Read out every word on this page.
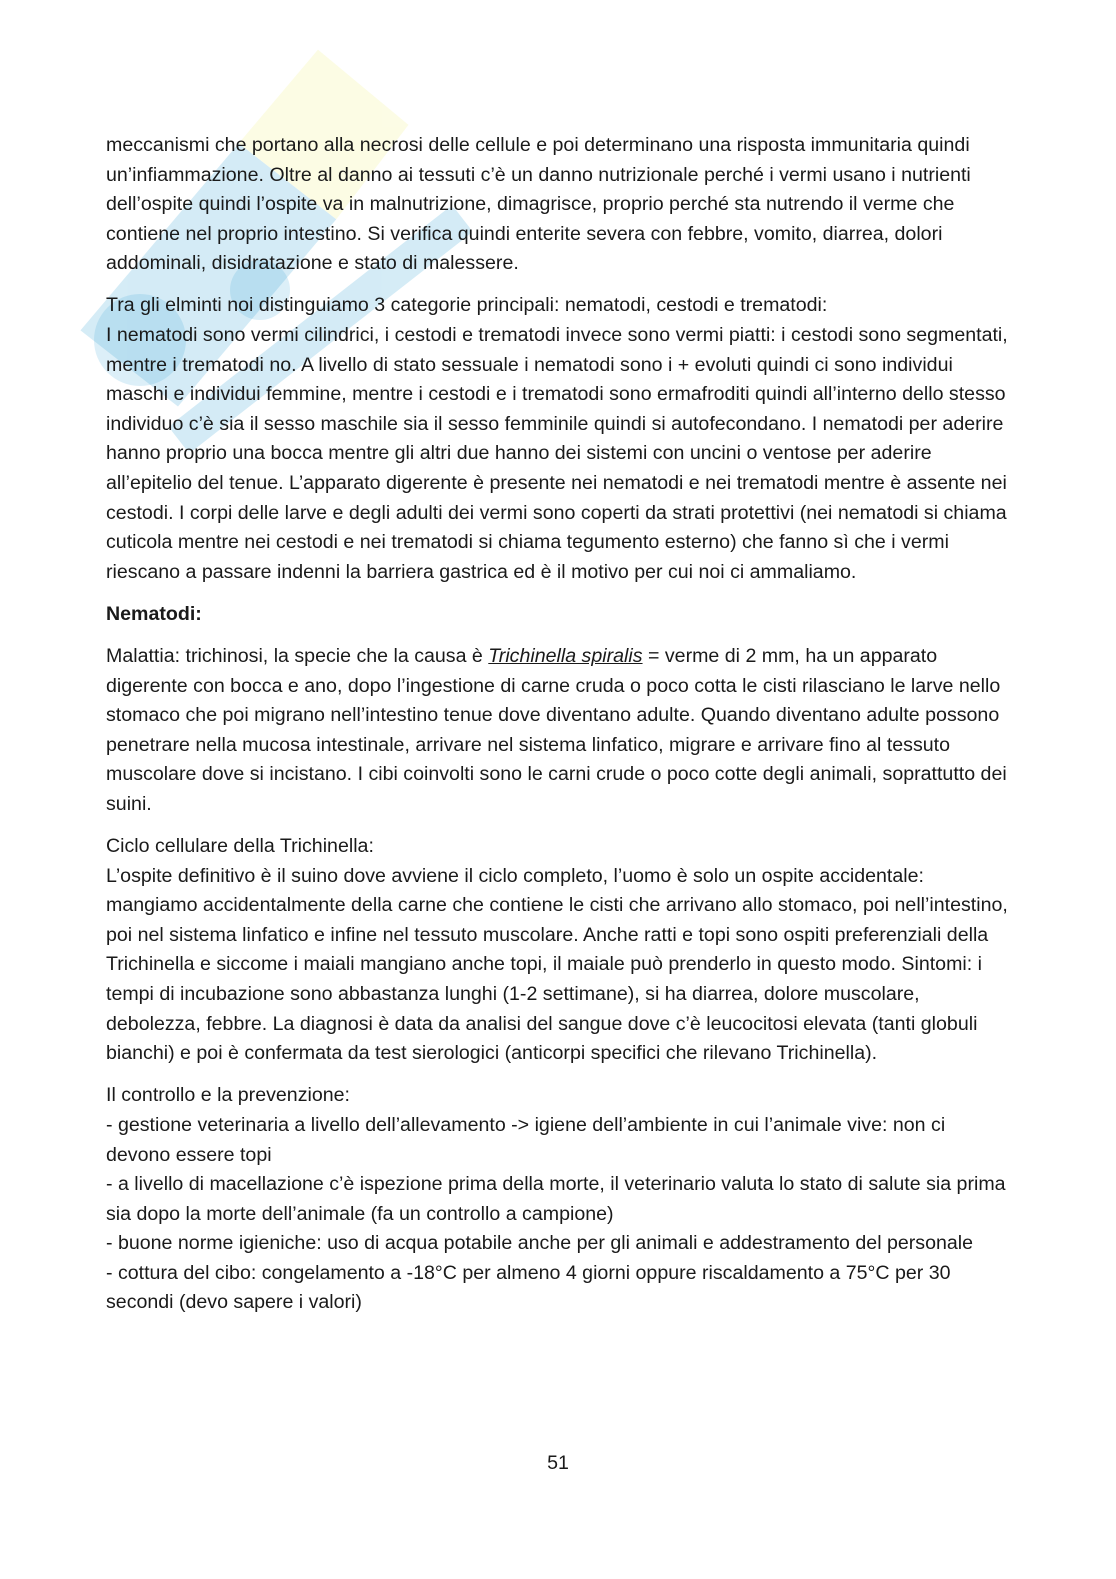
meccanismi che portano alla necrosi delle cellule e poi determinano una risposta immunitaria quindi un’infiammazione. Oltre al danno ai tessuti c’è un danno nutrizionale perché i vermi usano i nutrienti dell’ospite quindi l’ospite va in malnutrizione, dimagrisce, proprio perché sta nutrendo il verme che contiene nel proprio intestino. Si verifica quindi enterite severa con febbre, vomito, diarrea, dolori addominali, disidratazione e stato di malessere.

Tra gli elminti noi distinguiamo 3 categorie principali: nematodi, cestodi e trematodi:
I nematodi sono vermi cilindrici, i cestodi e trematodi invece sono vermi piatti: i cestodi sono segmentati, mentre i trematodi no. A livello di stato sessuale i nematodi sono i + evoluti quindi ci sono individui maschi e individui femmine, mentre i cestodi e i trematodi sono ermafroditi quindi all’interno dello stesso individuo c’è sia il sesso maschile sia il sesso femminile quindi si autofecondano. I nematodi per aderire hanno proprio una bocca mentre gli altri due hanno dei sistemi con uncini o ventose per aderire all’epitelio del tenue. L’apparato digerente è presente nei nematodi e nei trematodi mentre è assente nei cestodi. I corpi delle larve e degli adulti dei vermi sono coperti da strati protettivi (nei nematodi si chiama cuticola mentre nei cestodi e nei trematodi si chiama tegumento esterno) che fanno sì che i vermi riescano a passare indenni la barriera gastrica ed è il motivo per cui noi ci ammaliamo.

Nematodi:

Malattia: trichinosi, la specie che la causa è Trichinella spiralis = verme di 2 mm, ha un apparato digerente con bocca e ano, dopo l’ingestione di carne cruda o poco cotta le cisti rilasciano le larve nello stomaco che poi migrano nell’intestino tenue dove diventano adulte. Quando diventano adulte possono penetrare nella mucosa intestinale, arrivare nel sistema linfatico, migrare e arrivare fino al tessuto muscolare dove si incistano. I cibi coinvolti sono le carni crude o poco cotte degli animali, soprattutto dei suini.

Ciclo cellulare della Trichinella:
L’ospite definitivo è il suino dove avviene il ciclo completo, l’uomo è solo un ospite accidentale: mangiamo accidentalmente della carne che contiene le cisti che arrivano allo stomaco, poi nell’intestino, poi nel sistema linfatico e infine nel tessuto muscolare. Anche ratti e topi sono ospiti preferenziali della Trichinella e siccome i maiali mangiano anche topi, il maiale può prenderlo in questo modo. Sintomi: i tempi di incubazione sono abbastanza lunghi (1-2 settimane), si ha diarrea, dolore muscolare, debolezza, febbre. La diagnosi è data da analisi del sangue dove c’è leucocitosi elevata (tanti globuli bianchi) e poi è confermata da test sierologici (anticorpi specifici che rilevano Trichinella).

Il controllo e la prevenzione:
- gestione veterinaria a livello dell’allevamento -> igiene dell’ambiente in cui l’animale vive: non ci devono essere topi
- a livello di macellazione c’è ispezione prima della morte, il veterinario valuta lo stato di salute sia prima sia dopo la morte dell’animale (fa un controllo a campione)
- buone norme igieniche: uso di acqua potabile anche per gli animali e addestramento del personale
- cottura del cibo: congelamento a -18°C per almeno 4 giorni oppure riscaldamento a 75°C per 30 secondi (devo sapere i valori)

51
